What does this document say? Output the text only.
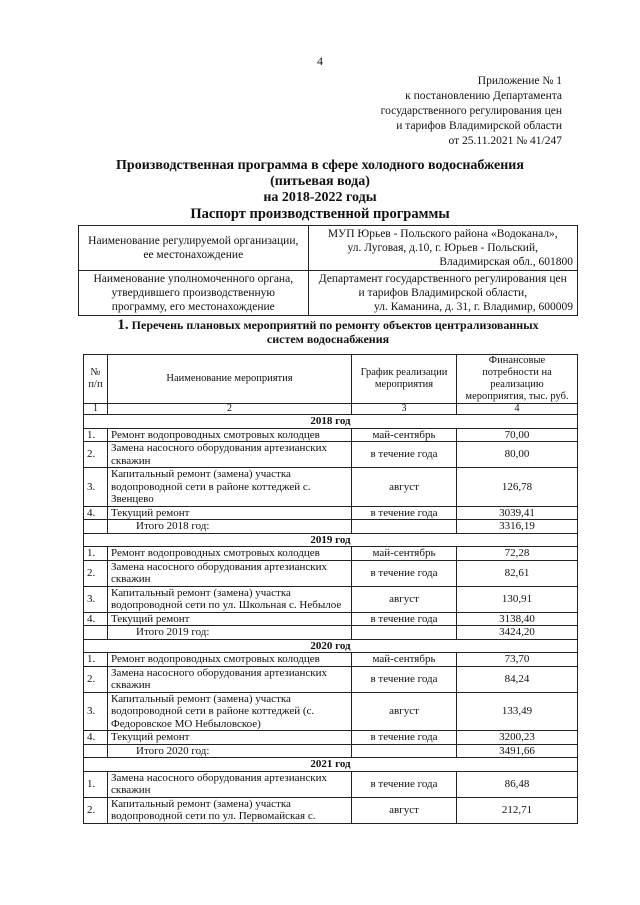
4
Приложение № 1
к постановлению Департамента
государственного регулирования цен
и тарифов Владимирской области
от 25.11.2021 № 41/247
Производственная программа в сфере холодного водоснабжения
(питьевая вода)
на 2018-2022 годы
Паспорт производственной программы
Наименование регулируемой организации, ее местонахождение	МУП Юрьев - Польского района «Водоканал»,
ул. Луговая, д.10, г. Юрьев - Польский,
Владимирская обл., 601800

Наименование уполномоченного органа, утвердившего производственную программу, его местонахождение	Департамент государственного регулирования цен
и тарифов Владимирской области,
ул. Каманина, д. 31, г. Владимир, 600009
1. Перечень плановых мероприятий по ремонту объектов централизованных
систем водоснабжения
№ п/п	Наименование мероприятия	График реализации мероприятия	Финансовые потребности на реализацию мероприятия, тыс. руб.
1	2	3	4
2018 год			
1.	Ремонт водопроводных смотровых колодцев	май-сентябрь	70,00
2.	Замена насосного оборудования артезианских скважин	в течение года	80,00
3.	Капитальный ремонт (замена) участка водопроводной сети в районе коттеджей с. Звенцево	август	126,78
4.	Текущий ремонт	в течение года	3039,41
	Итого 2018 год:		3316,19
2019 год			
1.	Ремонт водопроводных смотровых колодцев	май-сентябрь	72,28
2.	Замена насосного оборудования артезианских скважин	в течение года	82,61
3.	Капитальный ремонт (замена) участка водопроводной сети по ул. Школьная с. Небылое	август	130,91
4.	Текущий ремонт	в течение года	3138,40
	Итого 2019 год:		3424,20
2020 год			
1.	Ремонт водопроводных смотровых колодцев	май-сентябрь	73,70
2.	Замена насосного оборудования артезианских скважин	в течение года	84,24
3.	Капитальный ремонт (замена) участка водопроводной сети в районе коттеджей (с. Федоровское МО Небыловское)	август	133,49
4.	Текущий ремонт	в течение года	3200,23
	Итого 2020 год:		3491,66
2021 год			
1.	Замена насосного оборудования артезианских скважин	в течение года	86,48
2.	Капитальный ремонт (замена) участка водопроводной сети по ул. Первомайская с.	август	212,71
